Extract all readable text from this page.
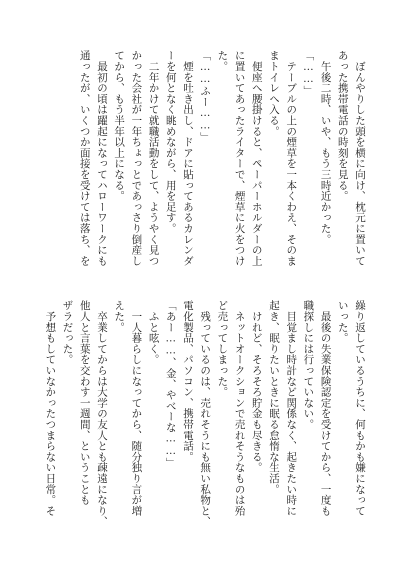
　ぼんやりした頭を横に向け、枕元に置いて
あった携帯電話の時刻を見る。
　午後二時、いや、もう三時近かった。
「……」
　テーブルの上の煙草を一本くわえ、そのま
まトイレへ入る。
　便座へ腰掛けると、ペーパーホルダーの上
に置いてあったライターで、煙草に火をつけ
た。
「……ふー……」
　煙を吐き出し、ドアに貼ってあるカレンダ
ーを何となく眺めながら、用を足す。
　二年かけて就職活動をして、ようやく見つ
かった会社が一年ちょっとであっさり倒産し
てから、もう半年以上になる。
　最初の頃は躍起になってハローワークにも
通ったが、いくつか面接を受けては落ち、を
繰り返しているうちに、何もかも嫌になって
いった。
　最後の失業保険認定を受けてから、一度も
職探しには行っていない。
　目覚まし時計など関係なく、起きたい時に
起き、眠りたいときに眠る怠惰な生活。
　けれど、そろそろ貯金も尽きる。
　ネットオークションで売れそうなものは殆
ど売ってしまった。
　残っているのは、売れそうにも無い私物と、
電化製品、パソコン、携帯電話。
「あー……、金、やべーな……」
　ふと呟く。
　一人暮らしになってから、随分独り言が増
えた。
　卒業してからは大学の友人とも疎遠になり、
他人と言葉を交わす一週間、ということも
ザラだった。
　予想もしていなかったつまらない日常。そ
